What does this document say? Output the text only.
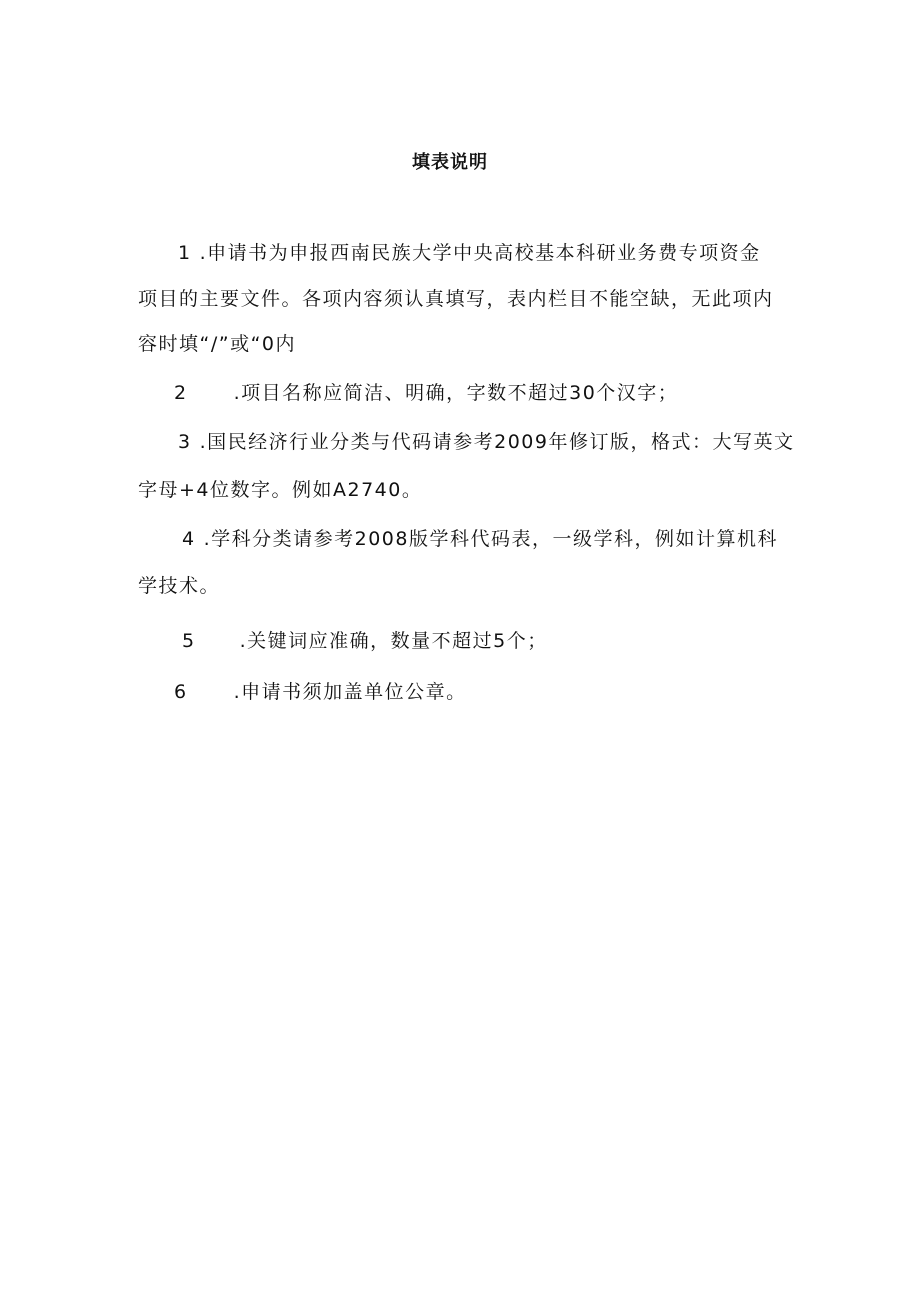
填表说明
1 .申请书为申报西南民族大学中央高校基本科研业务费专项资金
项目的主要文件。各项内容须认真填写，表内栏目不能空缺，无此项内
容时填“/”或“0内
2 .项目名称应简洁、明确，字数不超过30个汉字；
3 .国民经济行业分类与代码请参考2009年修订版，格式：大写英文
字母+4位数字。例如A2740。
4 .学科分类请参考2008版学科代码表，一级学科，例如计算机科
学技术。
5 .关键词应准确，数量不超过5个；
6 .申请书须加盖单位公章。
